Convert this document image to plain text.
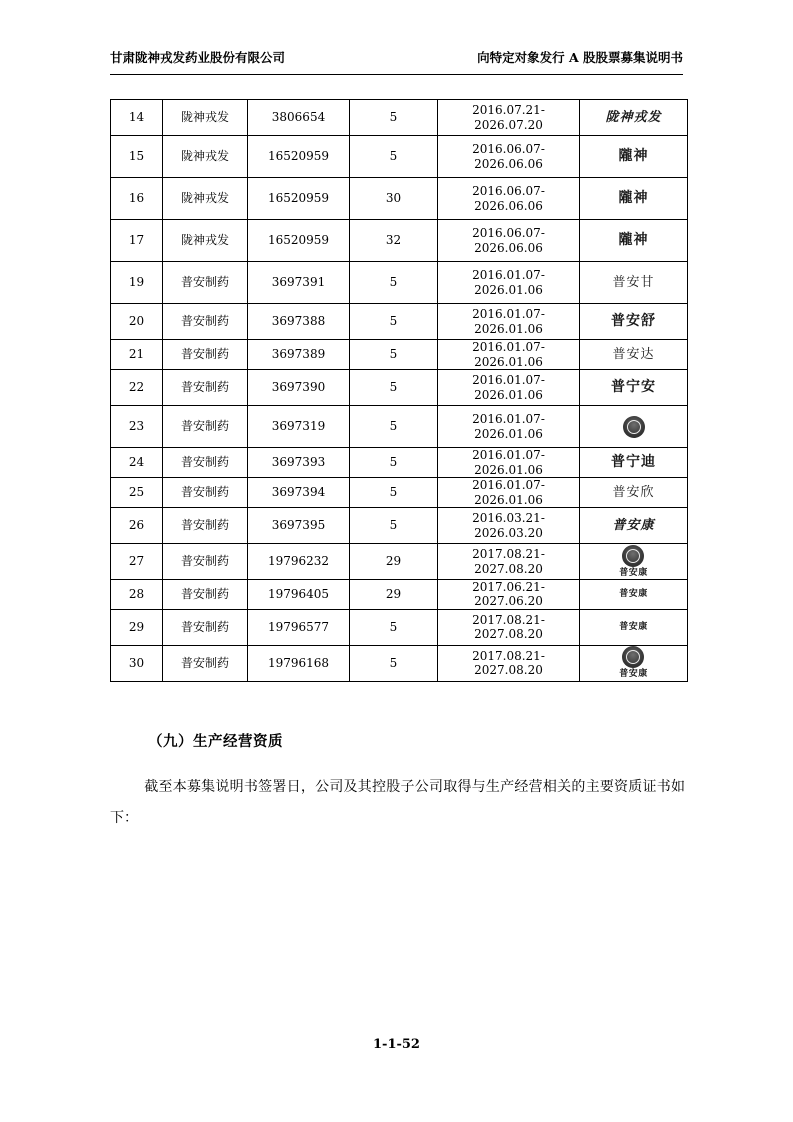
甘肃陇神戎发药业股份有限公司	向特定对象发行 A 股股票募集说明书
14	陇神戎发	3806654	5	2016.07.21-2026.07.20	陇神戎发

15	陇神戎发	16520959	5	2016.06.07-2026.06.06	隴神

16	陇神戎发	16520959	30	2016.06.07-2026.06.06	隴神

17	陇神戎发	16520959	32	2016.06.07-2026.06.06	隴神

19	普安制药	3697391	5	2016.01.07-2026.01.06	普安甘

20	普安制药	3697388	5	2016.01.07-2026.01.06	普安舒

21	普安制药	3697389	5	2016.01.07-2026.01.06	普安达

22	普安制药	3697390	5	2016.01.07-2026.01.06	普宁安

23	普安制药	3697319	5	2016.01.07-2026.01.06	

24	普安制药	3697393	5	2016.01.07-2026.01.06	普宁迪

25	普安制药	3697394	5	2016.01.07-2026.01.06	普安欣

26	普安制药	3697395	5	2016.03.21-2026.03.20	普安康

27	普安制药	19796232	29	2017.08.21-2027.08.20	普安康

28	普安制药	19796405	29	2017.06.21-2027.06.20	普安康

29	普安制药	19796577	5	2017.08.21-2027.08.20	普安康

30	普安制药	19796168	5	2017.08.21-2027.08.20	普安康
（九）生产经营资质
截至本募集说明书签署日，公司及其控股子公司取得与生产经营相关的主要资质证书如下：
1-1-52
